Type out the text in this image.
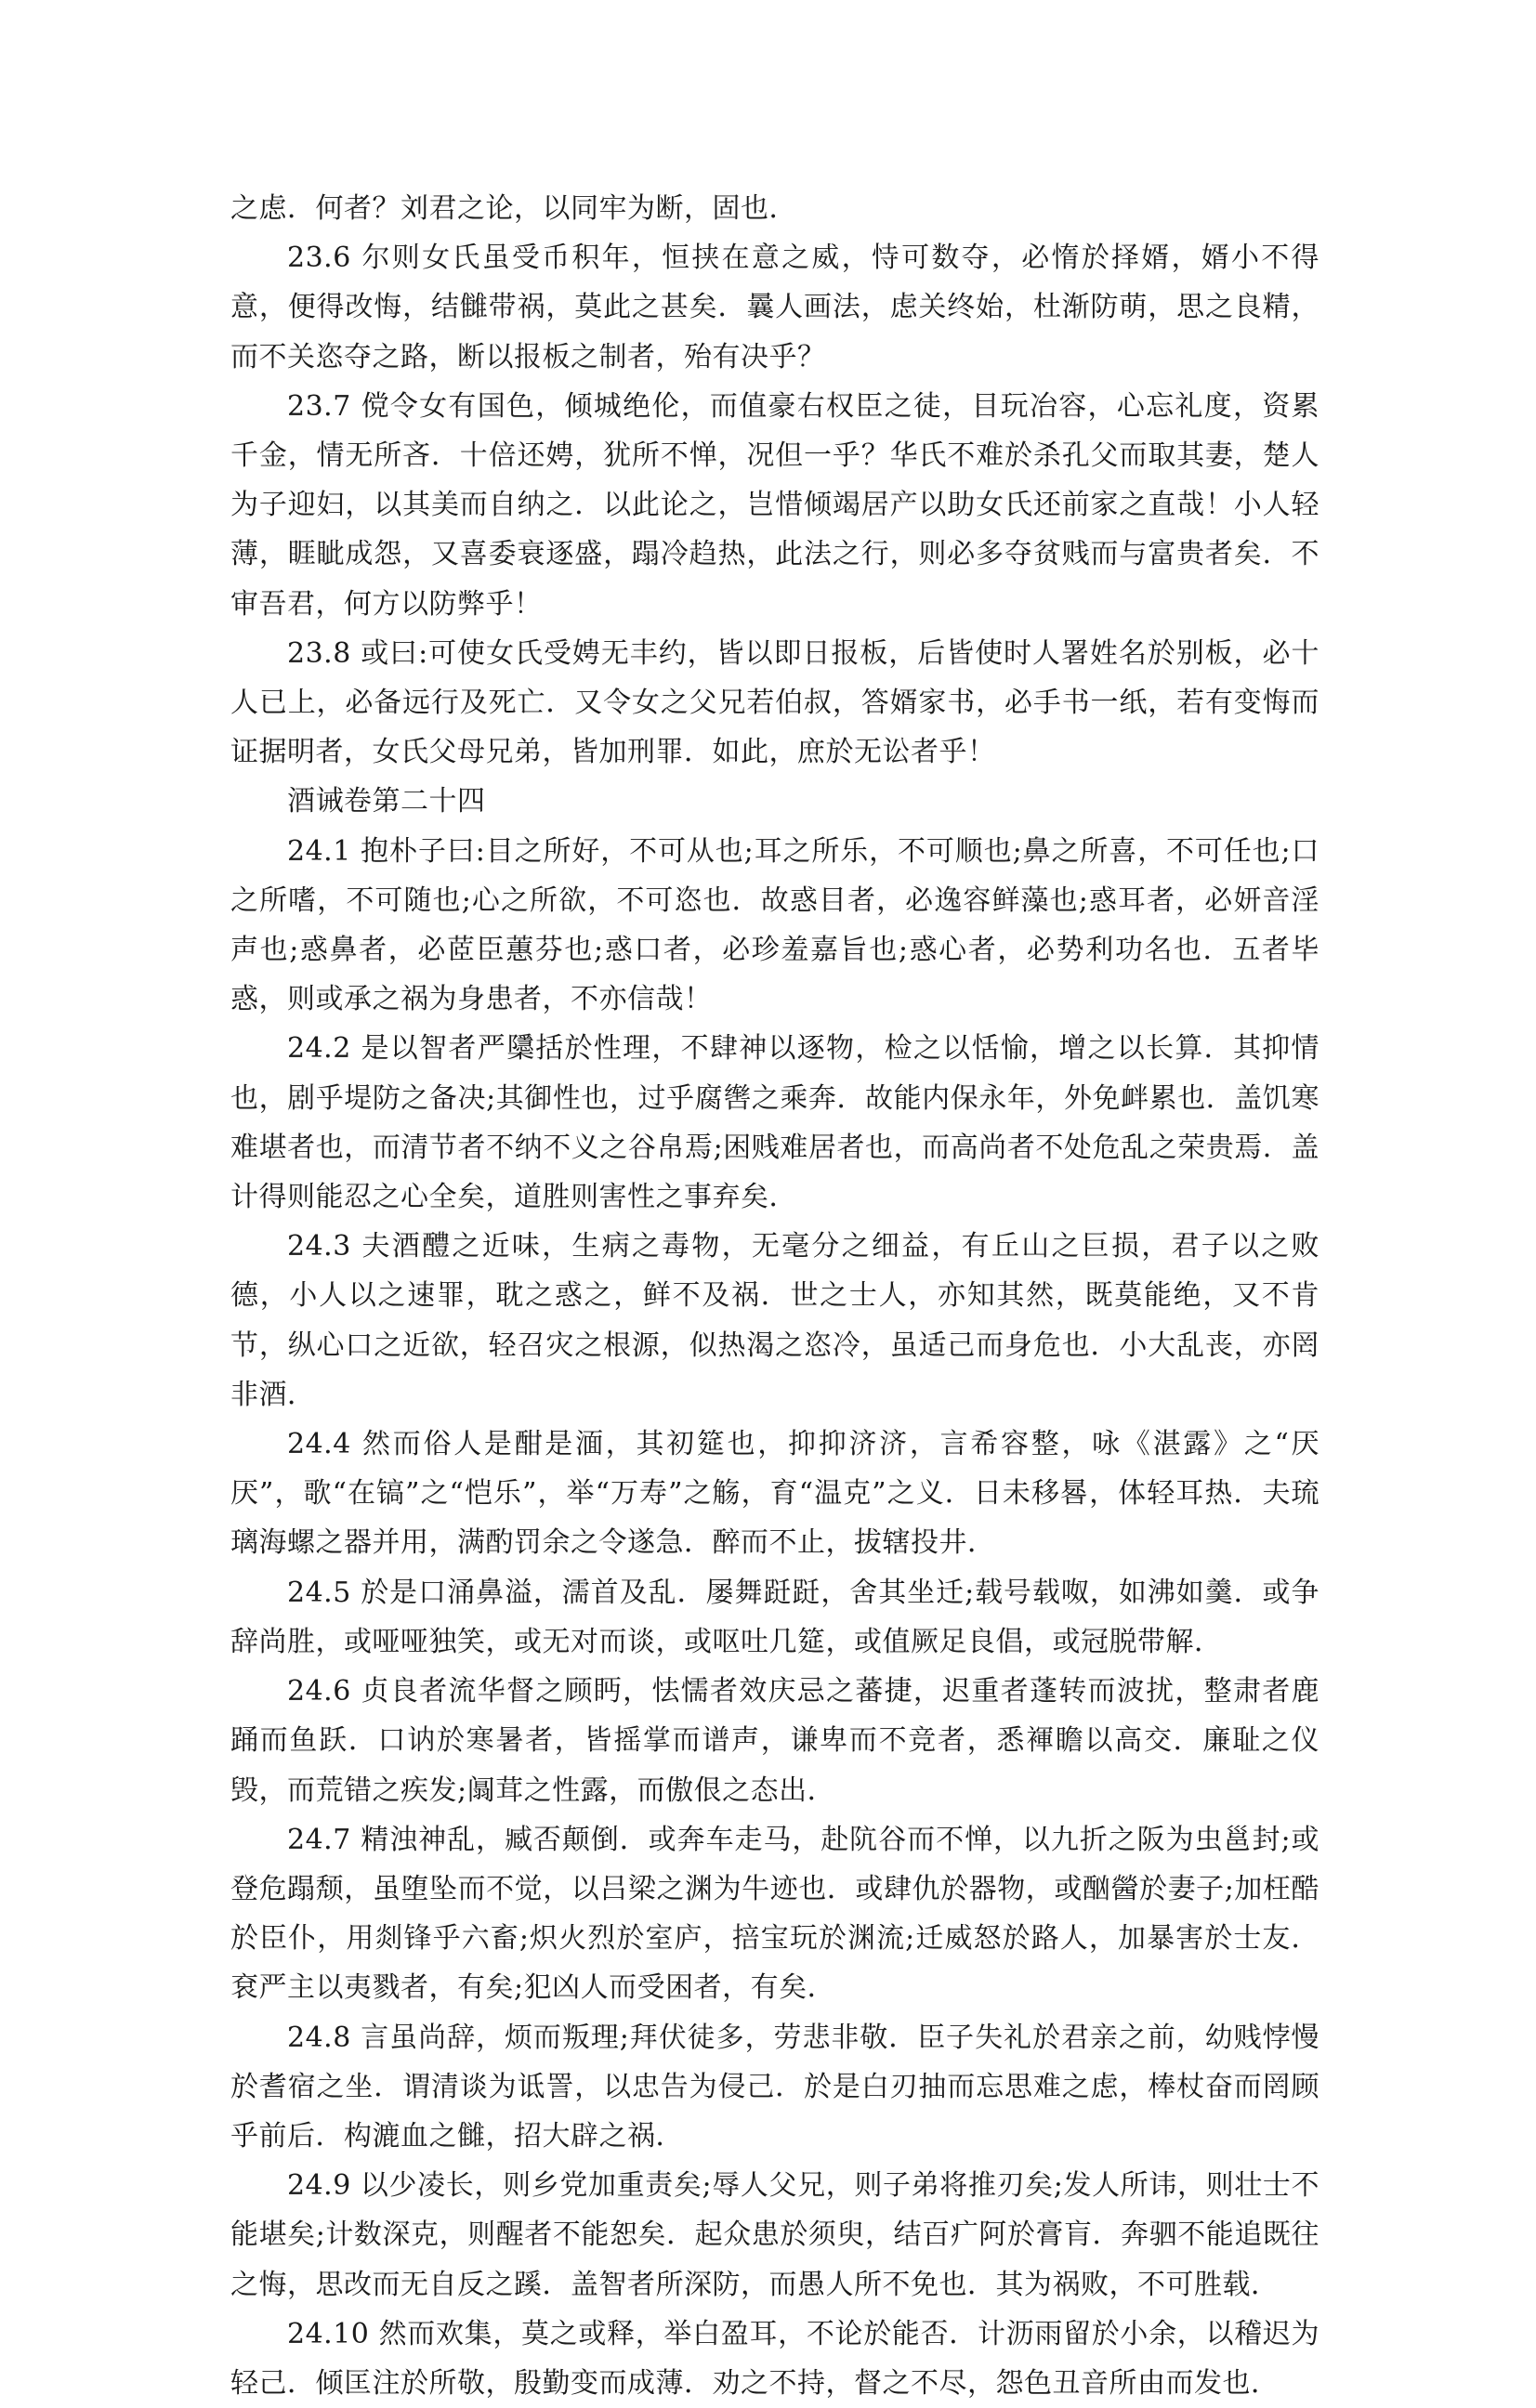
之虑．何者？刘君之论，以同牢为断，固也．

23.6 尔则女氏虽受币积年，恒挟在意之威，恃可数夺，必惰於择婿，婿小不得意，便得改悔，结雠带祸，莫此之甚矣．曩人画法，虑关终始，杜渐防萌，思之良精，而不关恣夺之路，断以报板之制者，殆有决乎？

23.7 傥令女有国色，倾城绝伦，而值豪右权臣之徒，目玩冶容，心忘礼度，资累千金，情无所吝．十倍还娉，犹所不惮，况但一乎？华氏不难於杀孔父而取其妻，楚人为子迎妇，以其美而自纳之．以此论之，岂惜倾竭居产以助女氏还前家之直哉！小人轻薄，睚眦成怨，又喜委衰逐盛，蹋冷趋热，此法之行，则必多夺贫贱而与富贵者矣．不审吾君，何方以防弊乎！

23.8 或曰:可使女氏受娉无丰约，皆以即日报板，后皆使时人署姓名於别板，必十人已上，必备远行及死亡．又令女之父兄若伯叔，答婿家书，必手书一纸，若有变悔而证据明者，女氏父母兄弟，皆加刑罪．如此，庶於无讼者乎！

酒诫卷第二十四

24.1 抱朴子曰:目之所好，不可从也;耳之所乐，不可顺也;鼻之所喜，不可任也;口之所嗜，不可随也;心之所欲，不可恣也．故惑目者，必逸容鲜藻也;惑耳者，必妍音淫声也;惑鼻者，必茝臣蕙芬也;惑口者，必珍羞嘉旨也;惑心者，必势利功名也．五者毕惑，则或承之祸为身患者，不亦信哉！

24.2 是以智者严櫽括於性理，不肆神以逐物，检之以恬愉，增之以长算．其抑情也，剧乎堤防之备决;其御性也，过乎腐辔之乘奔．故能内保永年，外免衅累也．盖饥寒难堪者也，而清节者不纳不义之谷帛焉;困贱难居者也，而高尚者不处危乱之荣贵焉．盖计得则能忍之心全矣，道胜则害性之事弃矣．

24.3 夫酒醴之近味，生病之毒物，无毫分之细益，有丘山之巨损，君子以之败德，小人以之速罪，耽之惑之，鲜不及祸．世之士人，亦知其然，既莫能绝，又不肯节，纵心口之近欲，轻召灾之根源，似热渴之恣冷，虽适己而身危也．小大乱丧，亦罔非酒．

24.4 然而俗人是酣是湎，其初筵也，抑抑济济，言希容整，咏《湛露》之“厌厌”，歌“在镐”之“恺乐”，举“万寿”之觞，育“温克”之义．日未移晷，体轻耳热．夫琉璃海螺之器并用，满酌罚余之令遂急．醉而不止，拔辖投井．

24.5 於是口涌鼻溢，濡首及乱．屡舞跹跹，舍其坐迁;载号载呶，如沸如羹．或争辞尚胜，或哑哑独笑，或无对而谈，或呕吐几筵，或值厥足良倡，或冠脱带解．

24.6 贞良者流华督之顾眄，怯懦者效庆忌之蕃捷，迟重者蓬转而波扰，整肃者鹿踊而鱼跃．口讷於寒暑者，皆摇掌而谱声，谦卑而不竞者，悉褌瞻以高交．廉耻之仪毁，而荒错之疾发;阘茸之性露，而傲佷之态出．

24.7 精浊神乱，臧否颠倒．或奔车走马，赴阬谷而不惮，以九折之阪为虫邕封;或登危蹋颓，虽堕坠而不觉，以吕梁之渊为牛迹也．或肆仇於器物，或酗醟於妻子;加枉酷於臣仆，用剡锋乎六畜;炽火烈於室庐，掊宝玩於渊流;迁威怒於路人，加暴害於士友．袞严主以夷戮者，有矣;犯凶人而受困者，有矣．

24.8 言虽尚辞，烦而叛理;拜伏徒多，劳悲非敬．臣子失礼於君亲之前，幼贱悖慢於耆宿之坐．谓清谈为诋詈，以忠告为侵己．於是白刃抽而忘思难之虑，棒杖奋而罔顾乎前后．构漉血之雠，招大辟之祸．

24.9 以少凌长，则乡党加重责矣;辱人父兄，则子弟将推刃矣;发人所讳，则壮士不能堪矣;计数深克，则醒者不能恕矣．起众患於须臾，结百疒阿於膏肓．奔驷不能追既往之悔，思改而无自反之蹊．盖智者所深防，而愚人所不免也．其为祸败，不可胜载．

24.10 然而欢集，莫之或释，举白盈耳，不论於能否．计沥雨留於小余，以稽迟为轻己．倾匡注於所敬，殷勤变而成薄．劝之不持，督之不尽，怨色丑音所由而发也．
